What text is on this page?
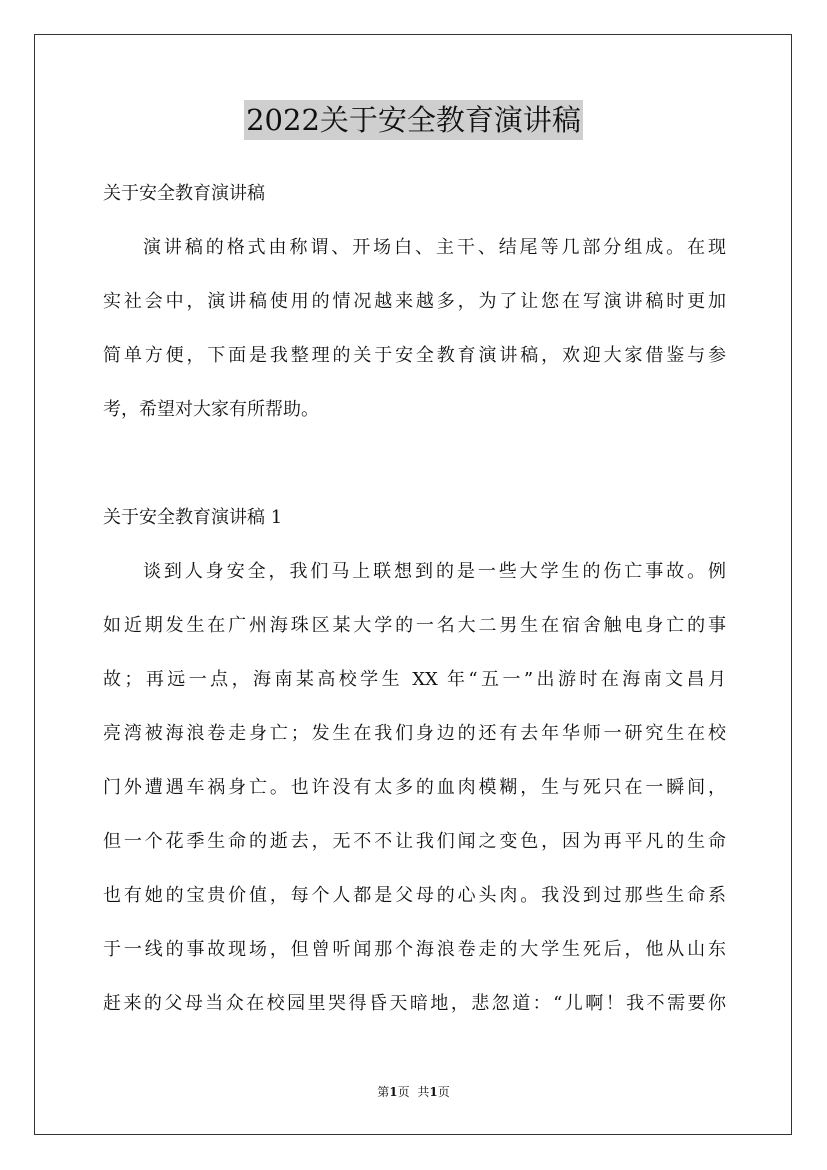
2022关于安全教育演讲稿
关于安全教育演讲稿
演讲稿的格式由称谓、开场白、主干、结尾等几部分组成。在现
实社会中，演讲稿使用的情况越来越多，为了让您在写演讲稿时更加
简单方便，下面是我整理的关于安全教育演讲稿，欢迎大家借鉴与参
考，希望对大家有所帮助。
关于安全教育演讲稿 1
谈到人身安全，我们马上联想到的是一些大学生的伤亡事故。例
如近期发生在广州海珠区某大学的一名大二男生在宿舍触电身亡的事
故；再远一点，海南某高校学生 XX 年“五一”出游时在海南文昌月
亮湾被海浪卷走身亡；发生在我们身边的还有去年华师一研究生在校
门外遭遇车祸身亡。也许没有太多的血肉模糊，生与死只在一瞬间，
但一个花季生命的逝去，无不不让我们闻之变色，因为再平凡的生命
也有她的宝贵价值，每个人都是父母的心头肉。我没到过那些生命系
于一线的事故现场，但曾听闻那个海浪卷走的大学生死后，他从山东
赶来的父母当众在校园里哭得昏天暗地，悲忽道：“儿啊！我不需要你
第1页 共1页
